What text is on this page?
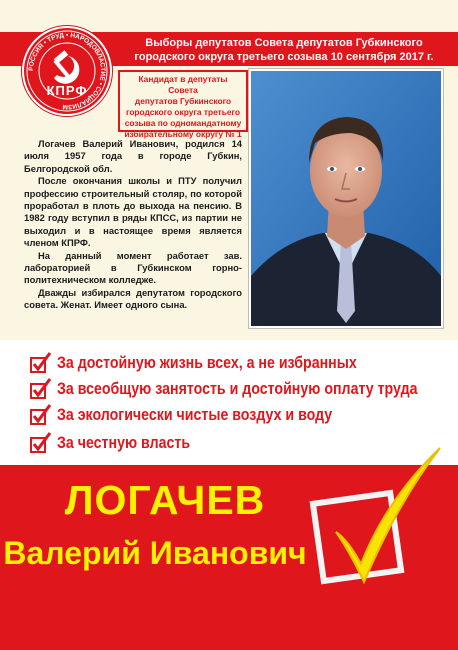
Выборы депутатов Совета депутатов Губкинского
городского округа третьего созыва 10 сентября 2017 г.
РОССИЯ • ТРУД • НАРОДОВЛАСТИЕ • СОЦИАЛИЗМ
КПРФ
Кандидат в депутаты Совета
депутатов Губкинского
городского округа третьего
созыва по одномандатному
избирательному округу № 1

Логачев Валерий Иванович, родился 14 июля 1957 года в городе Губкин, Белгородской обл.

После окончания школы и ПТУ получил профессию строительный столяр, по которой проработал в плоть до выхода на пенсию. В 1982 году вступил в ряды КПСС, из партии не выходил и в настоящее время является членом КПРФ.

На данный момент работает зав. лабораторией в Губкинском горно-политехническом колледже.

Дважды избирался депутатом городского совета. Женат. Имеет одного сына.

За достойную жизнь всех, а не избранных
За всеобщую занятость и достойную оплату труда
За экологически чистые воздух и воду
За честную власть
ЛОГАЧЕВ
Валерий Иванович
